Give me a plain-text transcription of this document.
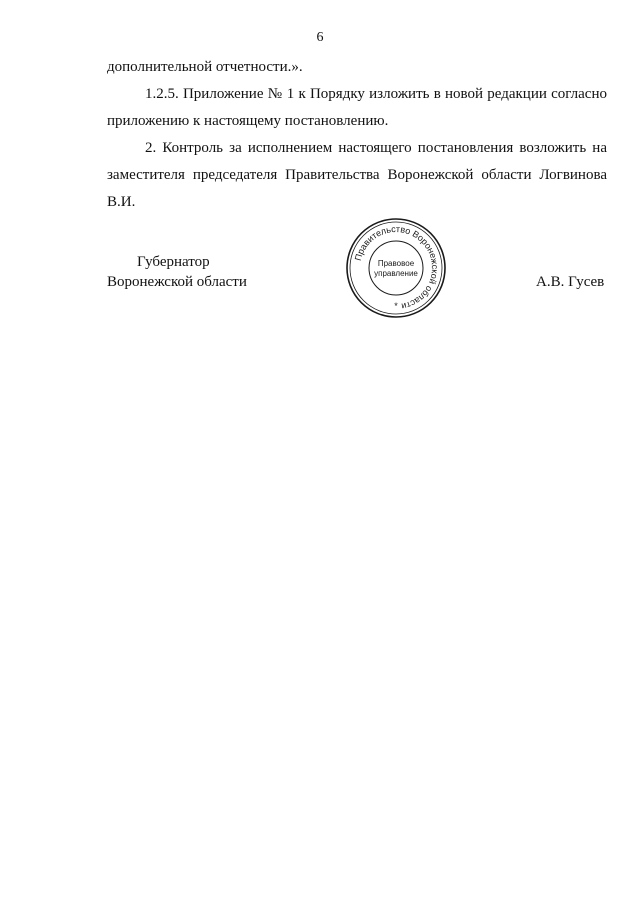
6

дополнительной отчетности.».

1.2.5. Приложение № 1 к Порядку изложить в новой редакции согласно приложению к настоящему постановлению.

2. Контроль за исполнением настоящего постановления возложить на заместителя председателя Правительства Воронежской области Логвинова В.И.

Губернатор
Воронежской области
Правительство Воронежской области
Правовое
управление
*
А.В. Гусев
